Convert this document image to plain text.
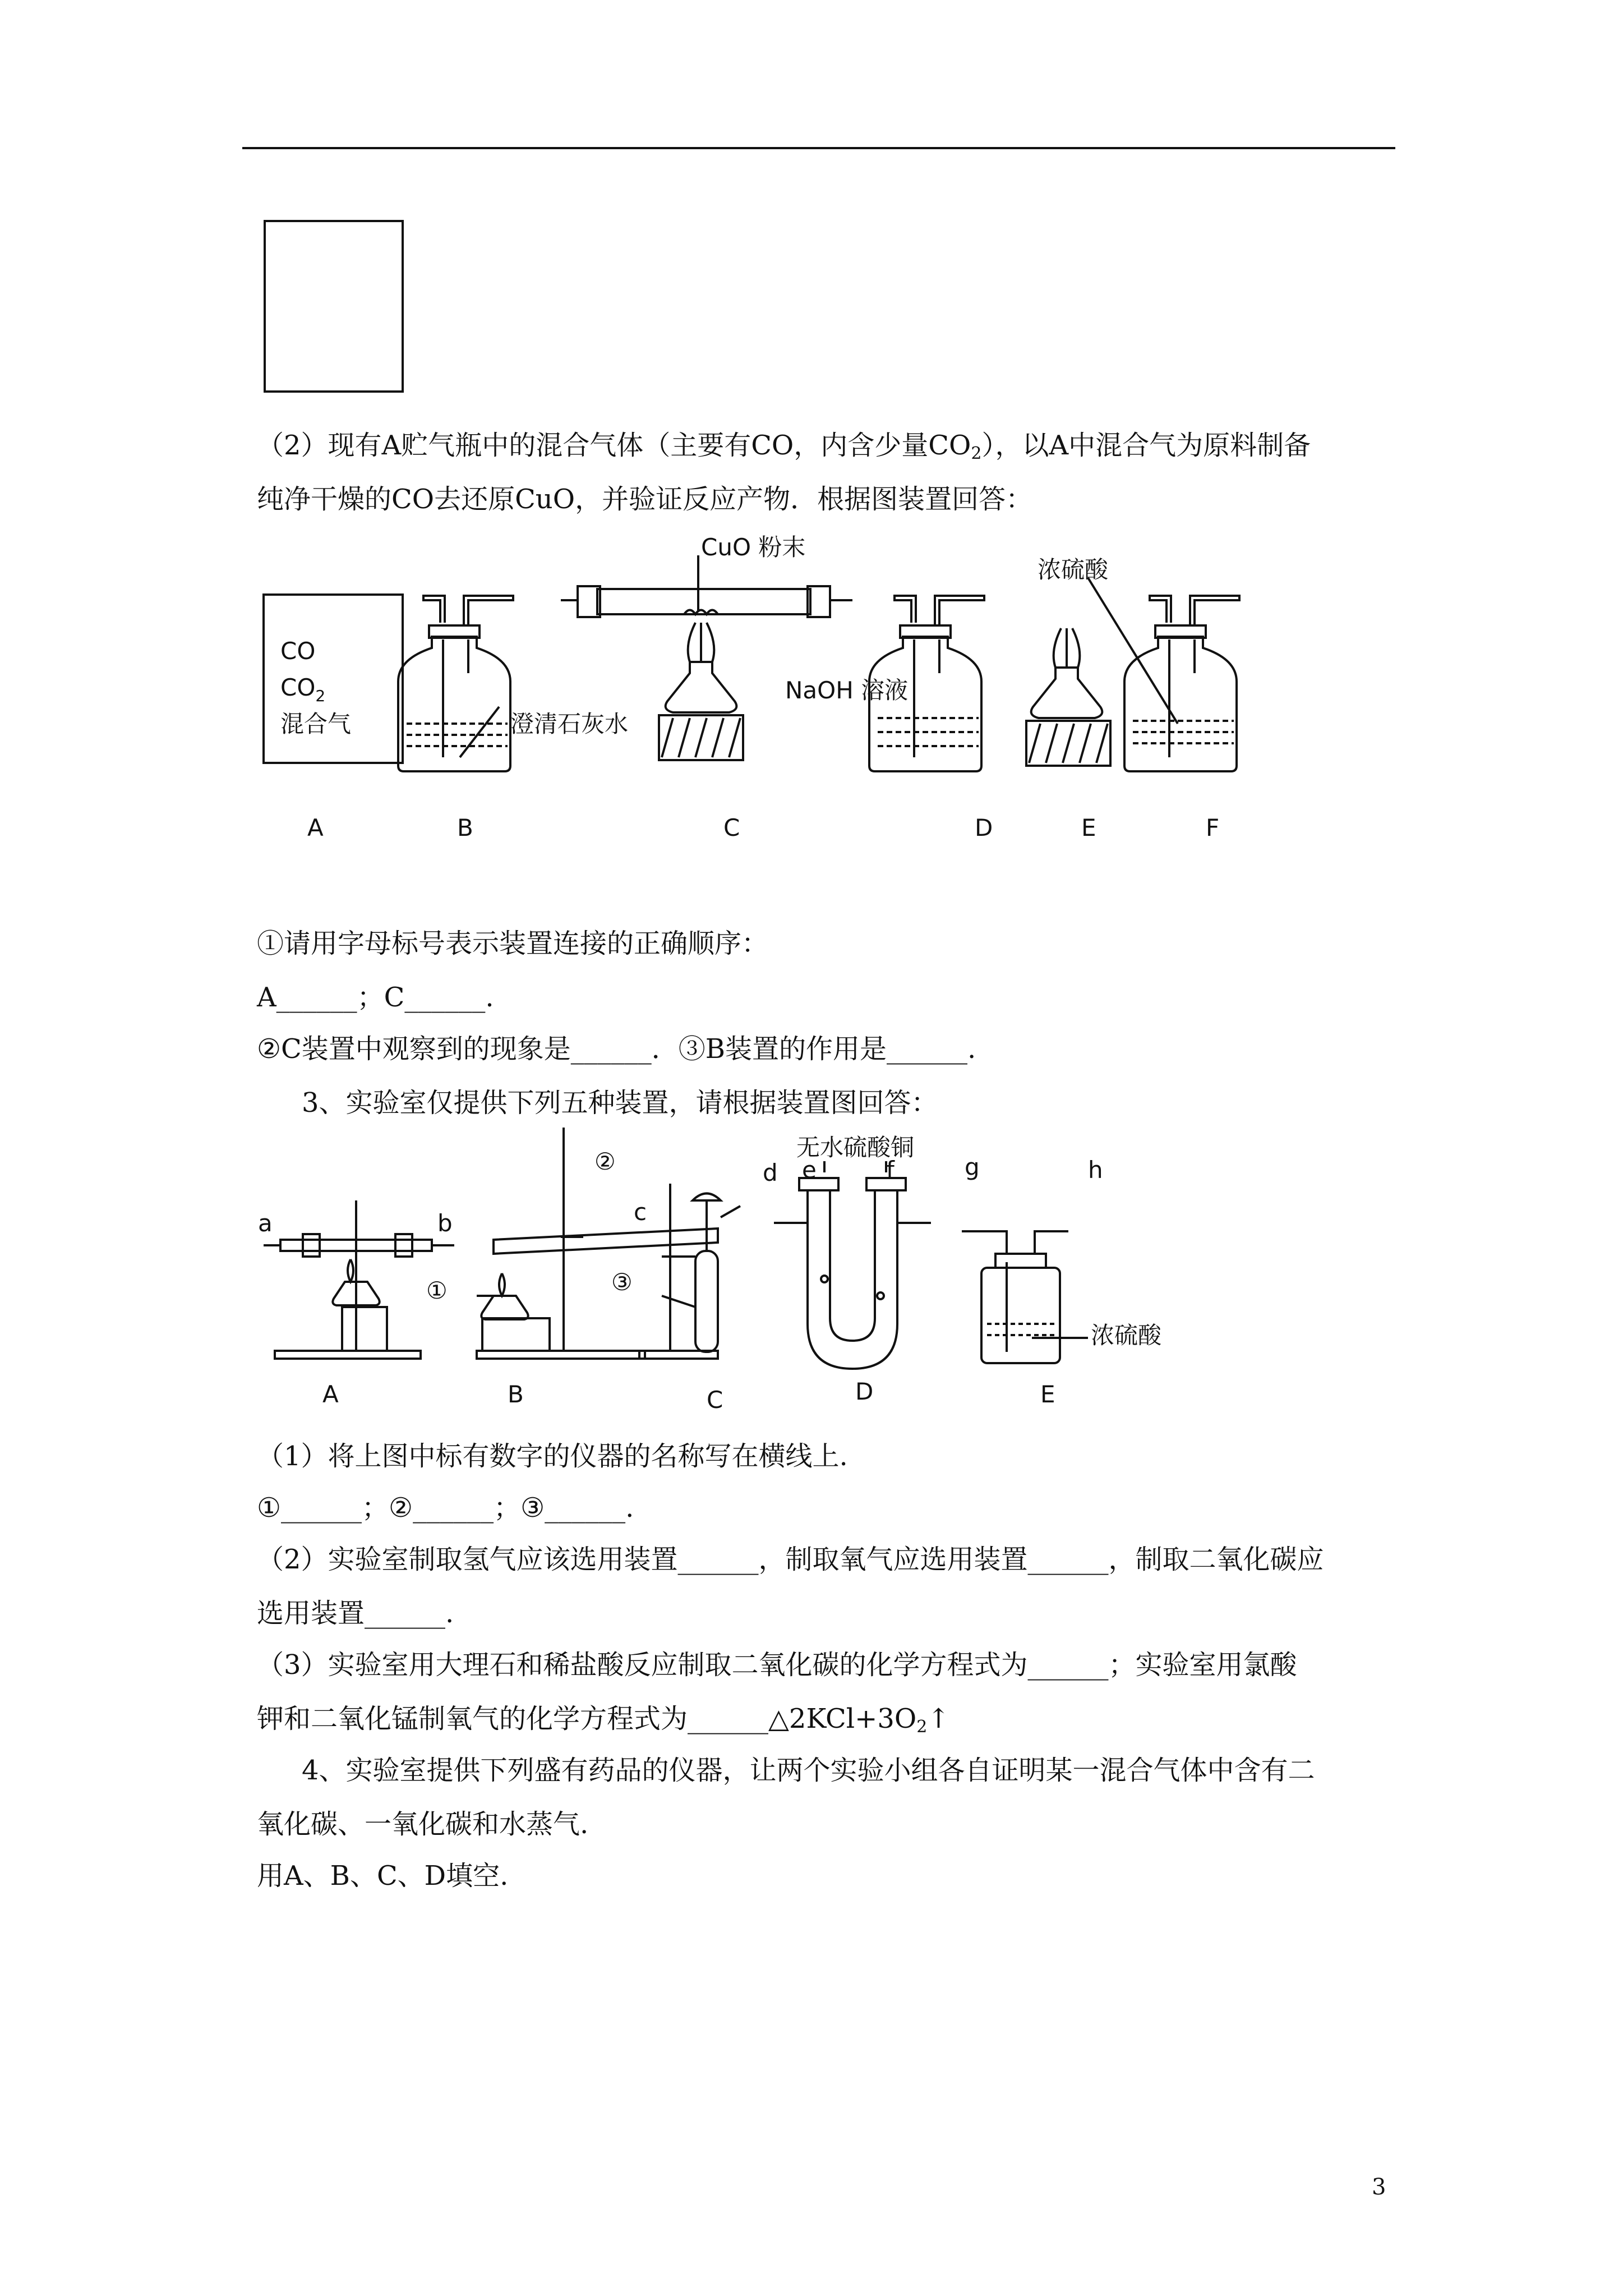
（2）现有A贮气瓶中的混合气体（主要有CO，内含少量$CO_2$），以A中混合气为原料制备
纯净干燥的CO去还原CuO，并验证反应产物．根据图装置回答：
CO
$CO_2$
混合气
CuO 粉末
澄清石灰水
NaOH 溶液
浓硫酸
A	B	C	D	E	F
①请用字母标号表示装置连接的正确顺序：
A______；C______.
②C装置中观察到的现象是______．③B装置的作用是______.
3、实验室仅提供下列五种装置，请根据装置图回答：
a	b	c
d e	f	g	h
①
②
③
无水硫酸铜
浓硫酸
A	B	C	D	E
（1）将上图中标有数字的仪器的名称写在横线上.
①______；②______；③______.
（2）实验室制取氢气应该选用装置______，制取氧气应选用装置______，制取二氧化碳应
选用装置______.
（3）实验室用大理石和稀盐酸反应制取二氧化碳的化学方程式为______；实验室用氯酸
钾和二氧化锰制氧气的化学方程式为$\_\_\_\_\_\_\triangle 2KCl+3O_2↑$
4、实验室提供下列盛有药品的仪器，让两个实验小组各自证明某一混合气体中含有二
氧化碳、一氧化碳和水蒸气.
用A、B、C、D填空.
3
